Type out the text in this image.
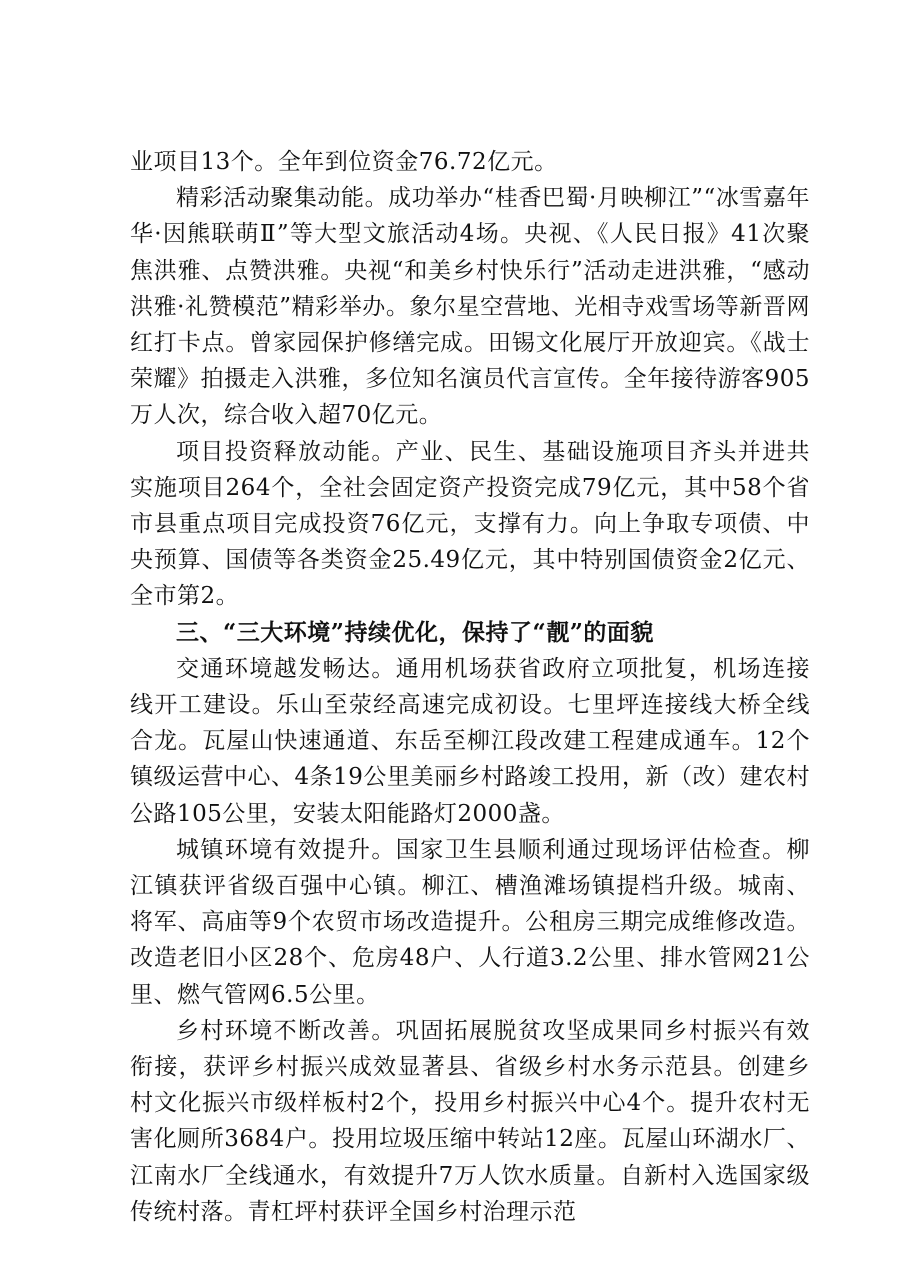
业项目13个。全年到位资金76.72亿元。

精彩活动聚集动能。成功举办“桂香巴蜀·月映柳江”“冰雪嘉年华·因熊联萌Ⅱ”等大型文旅活动4场。央视、《人民日报》41次聚焦洪雅、点赞洪雅。央视“和美乡村快乐行”活动走进洪雅，“感动洪雅·礼赞模范”精彩举办。象尔星空营地、光相寺戏雪场等新晋网红打卡点。曾家园保护修缮完成。田锡文化展厅开放迎宾。《战士荣耀》拍摄走入洪雅，多位知名演员代言宣传。全年接待游客905万人次，综合收入超70亿元。

项目投资释放动能。产业、民生、基础设施项目齐头并进共实施项目264个，全社会固定资产投资完成79亿元，其中58个省市县重点项目完成投资76亿元，支撑有力。向上争取专项债、中央预算、国债等各类资金25.49亿元，其中特别国债资金2亿元、全市第2。

三、“三大环境”持续优化，保持了“靓”的面貌

交通环境越发畅达。通用机场获省政府立项批复，机场连接线开工建设。乐山至荥经高速完成初设。七里坪连接线大桥全线合龙。瓦屋山快速通道、东岳至柳江段改建工程建成通车。12个镇级运营中心、4条19公里美丽乡村路竣工投用，新（改）建农村公路105公里，安装太阳能路灯2000盏。

城镇环境有效提升。国家卫生县顺利通过现场评估检查。柳江镇获评省级百强中心镇。柳江、槽渔滩场镇提档升级。城南、将军、高庙等9个农贸市场改造提升。公租房三期完成维修改造。改造老旧小区28个、危房48户、人行道3.2公里、排水管网21公里、燃气管网6.5公里。

乡村环境不断改善。巩固拓展脱贫攻坚成果同乡村振兴有效衔接，获评乡村振兴成效显著县、省级乡村水务示范县。创建乡村文化振兴市级样板村2个，投用乡村振兴中心4个。提升农村无害化厕所3684户。投用垃圾压缩中转站12座。瓦屋山环湖水厂、江南水厂全线通水，有效提升7万人饮水质量。自新村入选国家级传统村落。青杠坪村获评全国乡村治理示范
